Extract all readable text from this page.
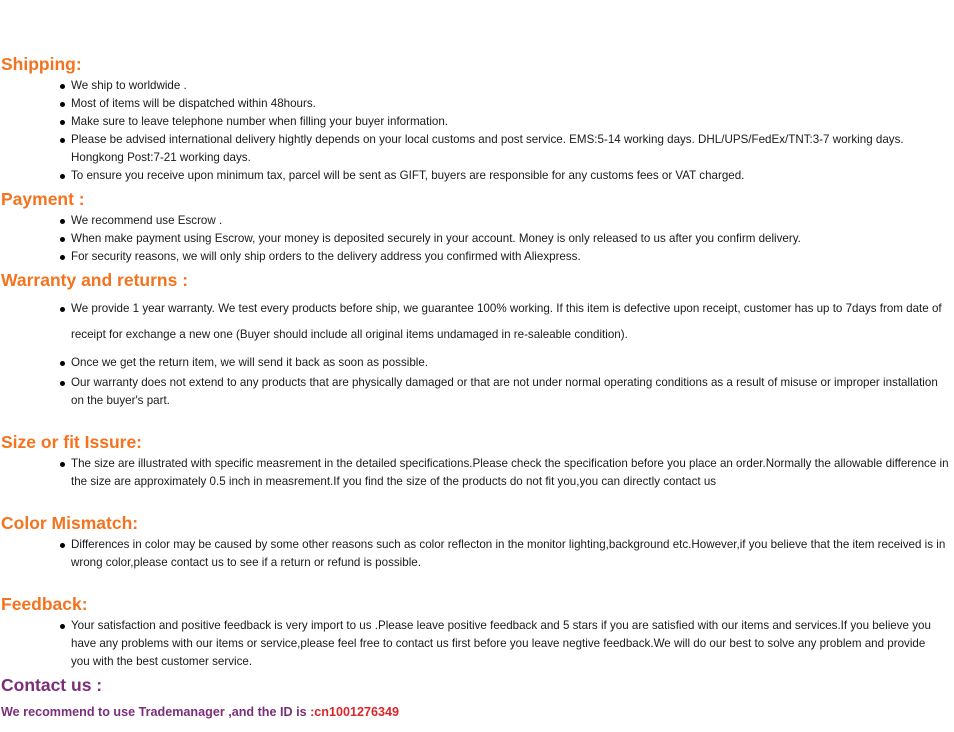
Shipping:
We ship to worldwide .
Most of items will be dispatched within 48hours.
Make sure to leave telephone number when filling your buyer information.
Please be advised international delivery hightly depends on your local customs and post service. EMS:5-14 working days. DHL/UPS/FedEx/TNT:3-7 working days. Hongkong Post:7-21 working days.
To ensure you receive upon minimum tax, parcel will be sent as GIFT, buyers are responsible for any customs fees or VAT charged.
Payment :
We recommend use Escrow .
When make payment using Escrow, your money is deposited securely in your account. Money is only released to us after you confirm delivery.
For security reasons, we will only ship orders to the delivery address you confirmed with Aliexpress.
Warranty and returns :
We provide 1 year warranty. We test every products before ship, we guarantee 100% working. If this item is defective upon receipt, customer has up to 7days from date of receipt for exchange a new one (Buyer should include all original items undamaged in re-saleable condition).
Once we get the return item, we will send it back as soon as possible.
Our warranty does not extend to any products that are physically damaged or that are not under normal operating conditions as a result of misuse or improper installation on the buyer's part.
Size or fit Issure:
The size are illustrated with specific measrement in the detailed specifications.Please check the specification before you place an order.Normally the allowable difference in the size are approximately 0.5 inch in measrement.If you find the size of the products do not fit you,you can directly contact us
Color Mismatch:
Differences in color may be caused by some other reasons such as color reflecton in the monitor lighting,background etc.However,if you believe that the item received is in wrong color,please contact us to see if a return or refund is possible.
Feedback:
Your satisfaction and positive feedback is very import to us .Please leave positive feedback and 5 stars if you are satisfied with our items and services.If you believe you have any problems with our items or service,please feel free to contact us first before you leave negtive feedback.We will do our best to solve any problem and provide you with the best customer service.
Contact us :

We recommend to use Trademanager ,and the ID is :cn1001276349
